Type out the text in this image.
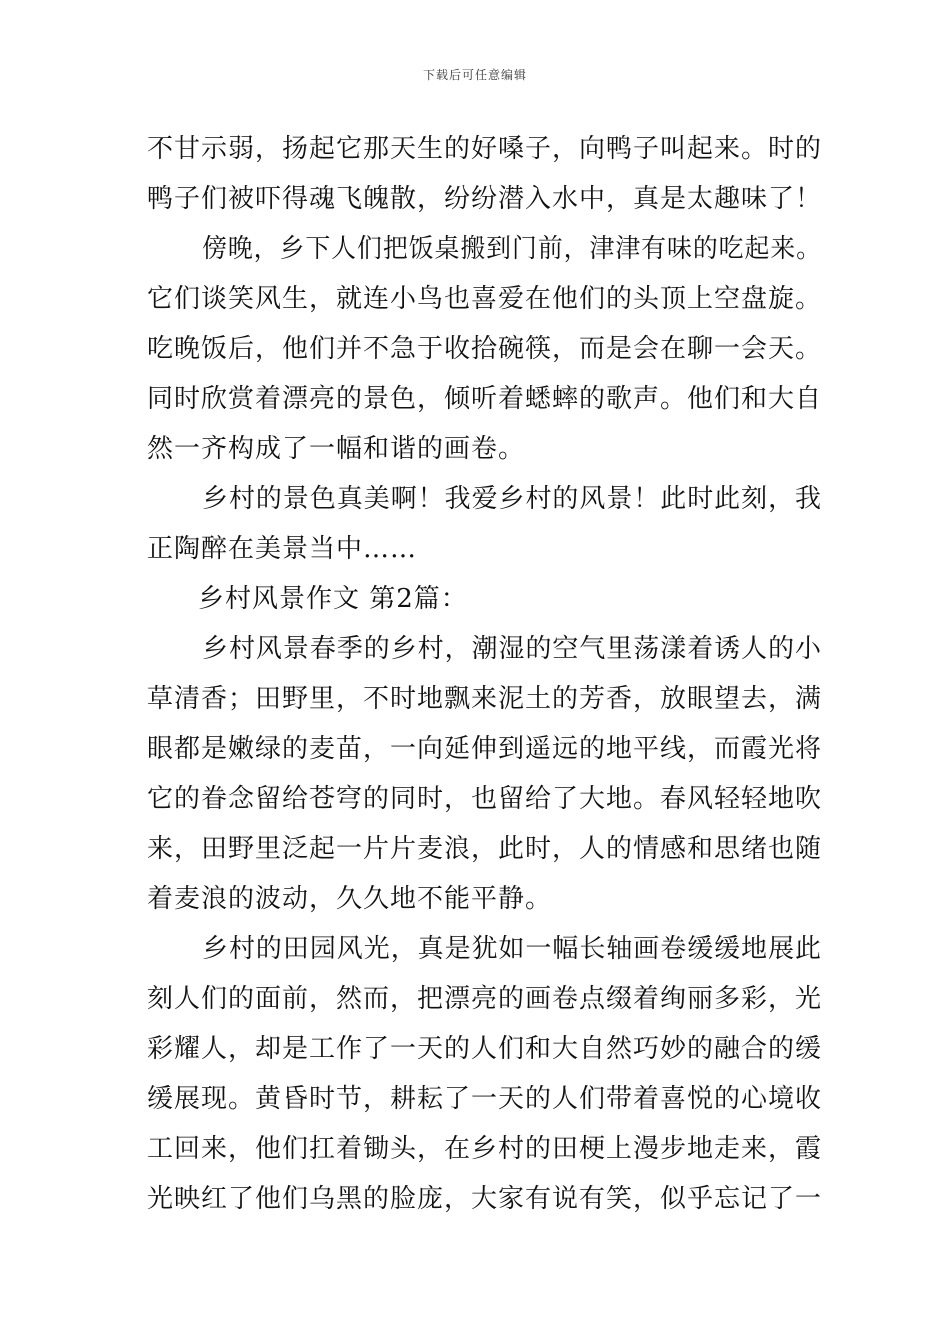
下载后可任意编辑
不甘示弱，扬起它那天生的好嗓子，向鸭子叫起来。时的
鸭子们被吓得魂飞魄散，纷纷潜入水中，真是太趣味了！
傍晚，乡下人们把饭桌搬到门前，津津有味的吃起来。
它们谈笑风生，就连小鸟也喜爱在他们的头顶上空盘旋。
吃晚饭后，他们并不急于收拾碗筷，而是会在聊一会天。
同时欣赏着漂亮的景色，倾听着蟋蟀的歌声。他们和大自
然一齐构成了一幅和谐的画卷。
乡村的景色真美啊！我爱乡村的风景！此时此刻，我
正陶醉在美景当中……
乡村风景作文 第2篇：
乡村风景春季的乡村，潮湿的空气里荡漾着诱人的小
草清香；田野里，不时地飘来泥土的芳香，放眼望去，满
眼都是嫩绿的麦苗，一向延伸到遥远的地平线，而霞光将
它的眷念留给苍穹的同时，也留给了大地。春风轻轻地吹
来，田野里泛起一片片麦浪，此时，人的情感和思绪也随
着麦浪的波动，久久地不能平静。
乡村的田园风光，真是犹如一幅长轴画卷缓缓地展此
刻人们的面前，然而，把漂亮的画卷点缀着绚丽多彩，光
彩耀人，却是工作了一天的人们和大自然巧妙的融合的缓
缓展现。黄昏时节，耕耘了一天的人们带着喜悦的心境收
工回来，他们扛着锄头，在乡村的田梗上漫步地走来，霞
光映红了他们乌黑的脸庞，大家有说有笑，似乎忘记了一
